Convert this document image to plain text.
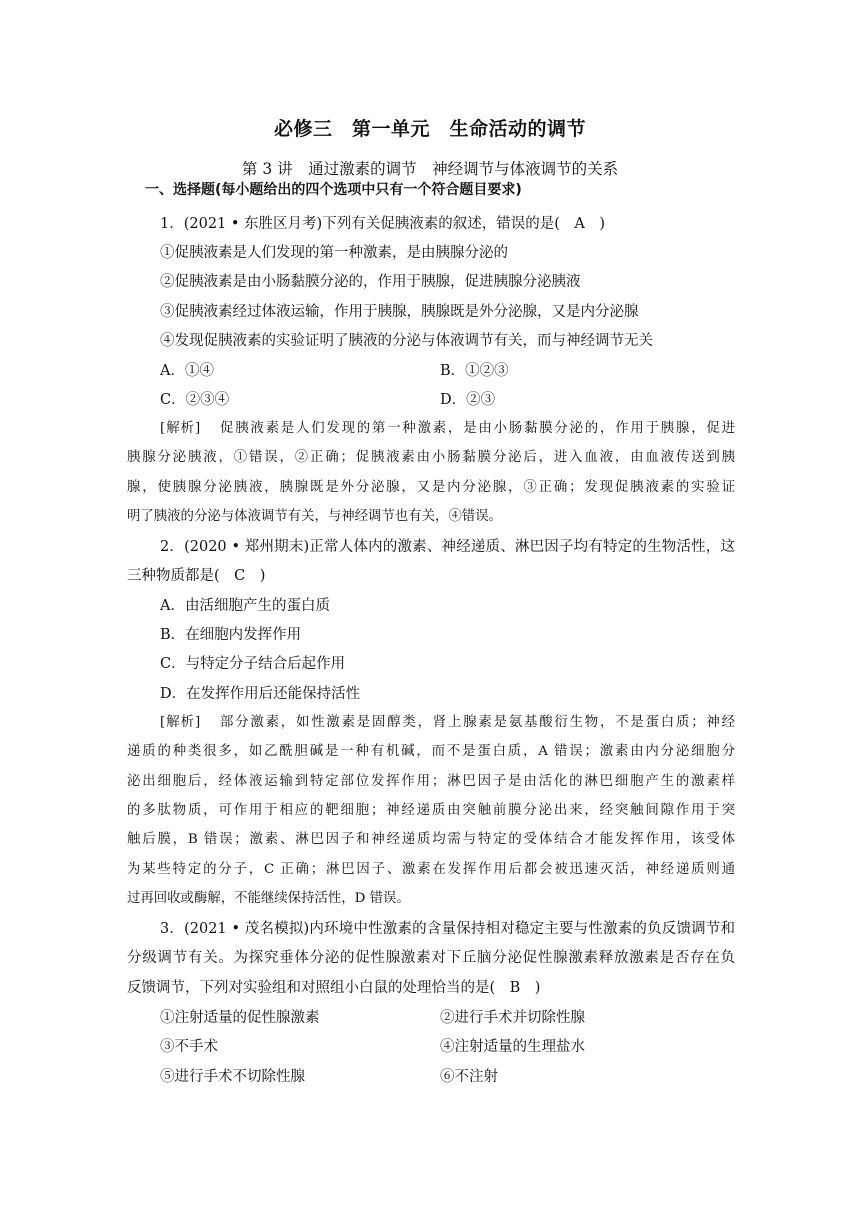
必修三　第一单元　生命活动的调节
第 3 讲　通过激素的调节　神经调节与体液调节的关系
一、选择题(每小题给出的四个选项中只有一个符合题目要求)
1．(2021 • 东胜区月考)下列有关促胰液素的叙述，错误的是(　A　)
①促胰液素是人们发现的第一种激素，是由胰腺分泌的
②促胰液素是由小肠黏膜分泌的，作用于胰腺，促进胰腺分泌胰液
③促胰液素经过体液运输，作用于胰腺，胰腺既是外分泌腺，又是内分泌腺
④发现促胰液素的实验证明了胰液的分泌与体液调节有关，而与神经调节无关
A．①④	B．①②③
C．②③④	D．②③
[解析] 促胰液素是人们发现的第一种激素，是由小肠黏膜分泌的，作用于胰腺，促进
胰腺分泌胰液，①错误，②正确；促胰液素由小肠黏膜分泌后，进入血液，由血液传送到胰
腺，使胰腺分泌胰液，胰腺既是外分泌腺，又是内分泌腺，③正确；发现促胰液素的实验证
明了胰液的分泌与体液调节有关，与神经调节也有关，④错误。
2．(2020 • 郑州期末)正常人体内的激素、神经递质、淋巴因子均有特定的生物活性，这
三种物质都是(　C　)
A．由活细胞产生的蛋白质
B．在细胞内发挥作用
C．与特定分子结合后起作用
D．在发挥作用后还能保持活性
[解析] 部分激素，如性激素是固醇类，肾上腺素是氨基酸衍生物，不是蛋白质；神经
递质的种类很多，如乙酰胆碱是一种有机碱，而不是蛋白质，A 错误；激素由内分泌细胞分
泌出细胞后，经体液运输到特定部位发挥作用；淋巴因子是由活化的淋巴细胞产生的激素样
的多肽物质，可作用于相应的靶细胞；神经递质由突触前膜分泌出来，经突触间隙作用于突
触后膜，B 错误；激素、淋巴因子和神经递质均需与特定的受体结合才能发挥作用，该受体
为某些特定的分子，C 正确；淋巴因子、激素在发挥作用后都会被迅速灭活，神经递质则通
过再回收或酶解，不能继续保持活性，D 错误。
3．(2021 • 茂名模拟)内环境中性激素的含量保持相对稳定主要与性激素的负反馈调节和
分级调节有关。为探究垂体分泌的促性腺激素对下丘脑分泌促性腺激素释放激素是否存在负
反馈调节，下列对实验组和对照组小白鼠的处理恰当的是(　B　)
①注射适量的促性腺激素	②进行手术并切除性腺
③不手术	④注射适量的生理盐水
⑤进行手术不切除性腺	⑥不注射
